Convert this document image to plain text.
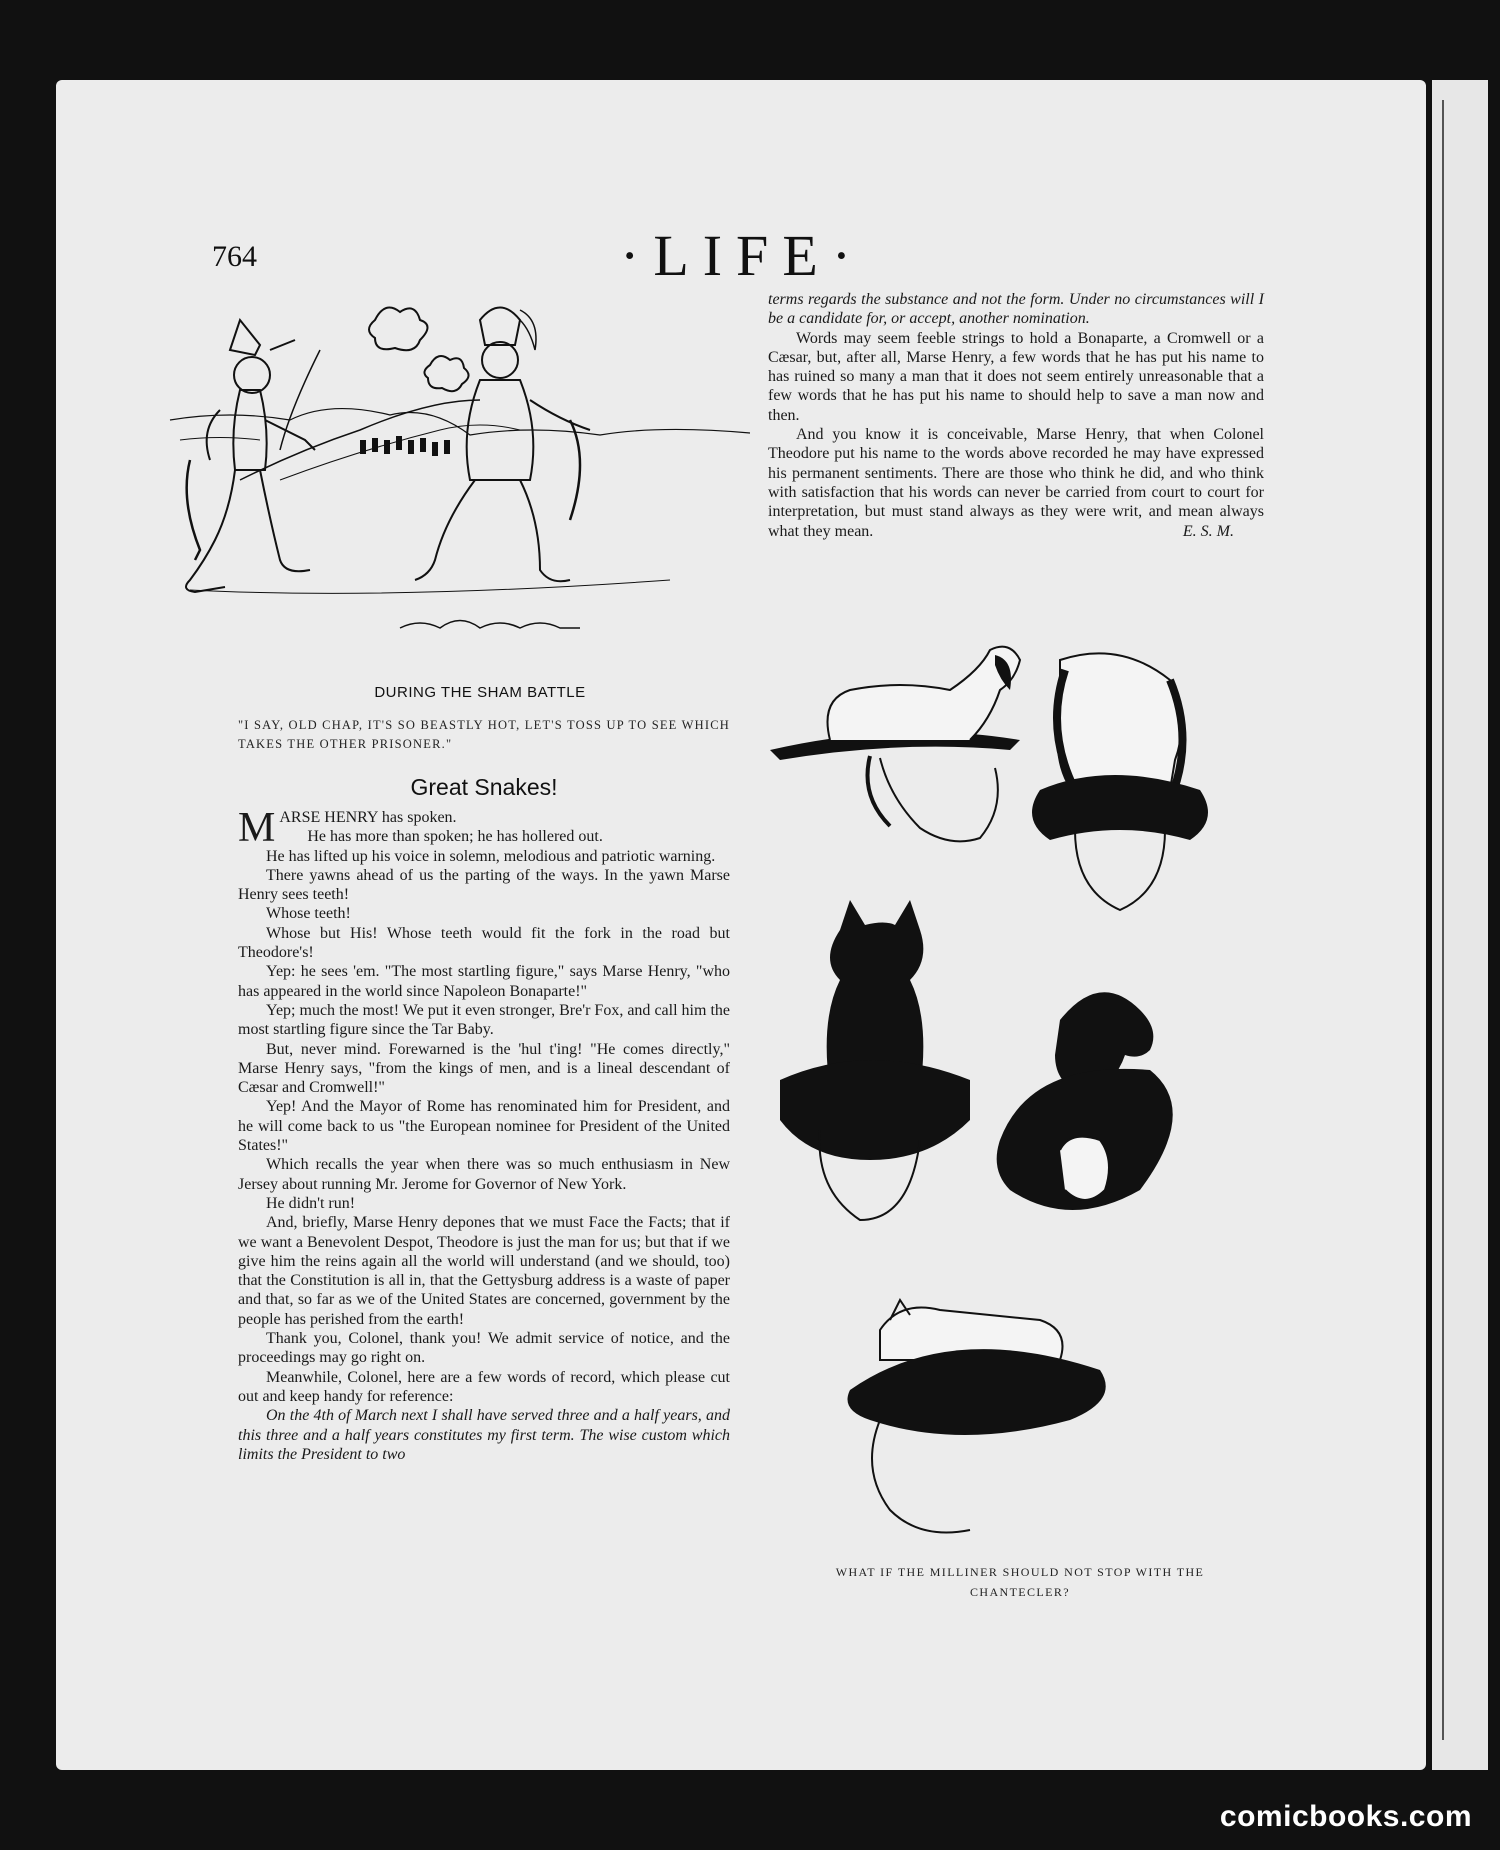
764	·LIFE·
DURING THE SHAM BATTLE
"I SAY, OLD CHAP, IT'S SO BEASTLY HOT, LET'S TOSS UP TO SEE WHICH TAKES THE OTHER PRISONER."
Great Snakes!

MARSE HENRY has spoken.

He has more than spoken; he has hollered out.

He has lifted up his voice in solemn, melodious and patriotic warning.

There yawns ahead of us the parting of the ways. In the yawn Marse Henry sees teeth!

Whose teeth!

Whose but His! Whose teeth would fit the fork in the road but Theodore's!

Yep: he sees 'em. "The most startling figure," says Marse Henry, "who has appeared in the world since Napoleon Bonaparte!"

Yep; much the most! We put it even stronger, Bre'r Fox, and call him the most startling figure since the Tar Baby.

But, never mind. Forewarned is the 'hul t'ing! "He comes directly," Marse Henry says, "from the kings of men, and is a lineal descendant of Cæsar and Cromwell!"

Yep! And the Mayor of Rome has renominated him for President, and he will come back to us "the European nominee for President of the United States!"

Which recalls the year when there was so much enthusiasm in New Jersey about running Mr. Jerome for Governor of New York.

He didn't run!

And, briefly, Marse Henry depones that we must Face the Facts; that if we want a Benevolent Despot, Theodore is just the man for us; but that if we give him the reins again all the world will understand (and we should, too) that the Constitution is all in, that the Gettysburg address is a waste of paper and that, so far as we of the United States are concerned, government by the people has perished from the earth!

Thank you, Colonel, thank you! We admit service of notice, and the proceedings may go right on.

Meanwhile, Colonel, here are a few words of record, which please cut out and keep handy for reference:

On the 4th of March next I shall have served three and a half years, and this three and a half years constitutes my first term. The wise custom which limits the President to two

terms regards the substance and not the form. Under no circumstances will I be a candidate for, or accept, another nomination.

Words may seem feeble strings to hold a Bonaparte, a Cromwell or a Cæsar, but, after all, Marse Henry, a few words that he has put his name to has ruined so many a man that it does not seem entirely unreasonable that a few words that he has put his name to should help to save a man now and then.

And you know it is conceivable, Marse Henry, that when Colonel Theodore put his name to the words above recorded he may have expressed his permanent sentiments. There are those who think he did, and who think with satisfaction that his words can never be carried from court to court for interpretation, but must stand always as they were writ, and mean always what they mean.	E. S. M.

WHAT IF THE MILLINER SHOULD NOT STOP WITH THE CHANTECLER?
comicbooks.com
